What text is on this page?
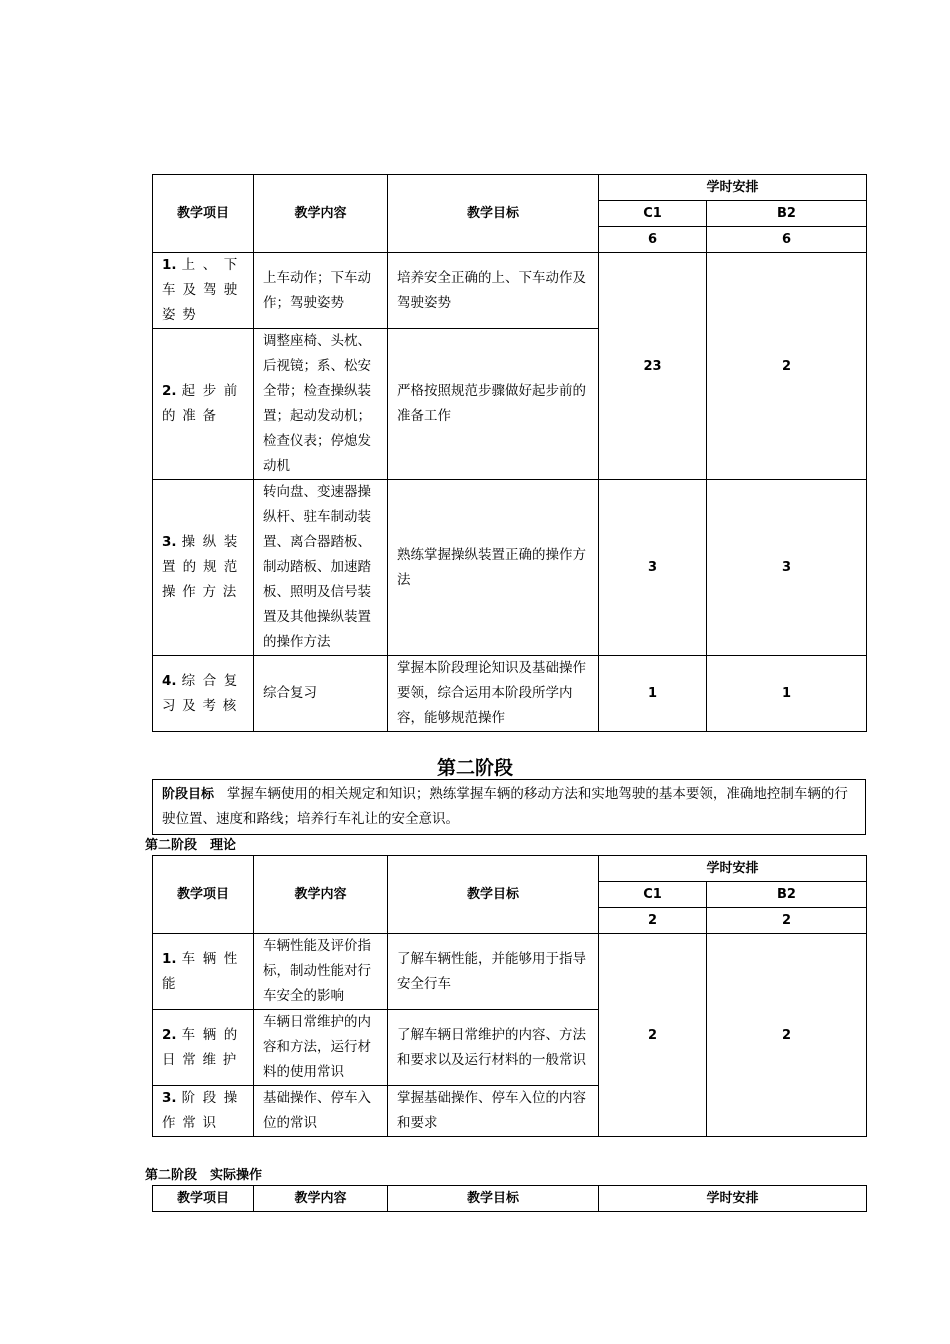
教学项目	教学内容	教学目标	学时安排	
			C1	B2
			6	6
1. 上、下车及驾驶姿势	上车动作；下车动作；驾驶姿势	培养安全正确的上、下车动作及驾驶姿势	23	2
2. 起步前的准备	调整座椅、头枕、后视镜；系、松安全带；检查操纵装置；起动发动机；检查仪表；停熄发动机	严格按照规范步骤做好起步前的准备工作		
3. 操纵装置的规范操作方法	转向盘、变速器操纵杆、驻车制动装置、离合器踏板、制动踏板、加速踏板、照明及信号装置及其他操纵装置的操作方法	熟练掌握操纵装置正确的操作方法	3	3
4. 综合复习及考核	综合复习	掌握本阶段理论知识及基础操作要领，综合运用本阶段所学内容，能够规范操作	1	1
第二阶段
阶段目标 掌握车辆使用的相关规定和知识；熟练掌握车辆的移动方法和实地驾驶的基本要领，准确地控制车辆的行驶位置、速度和路线；培养行车礼让的安全意识。
第二阶段　理论
教学项目	教学内容	教学目标	学时安排	
			C1	B2
			2	2
1. 车辆性能	车辆性能及评价指标，制动性能对行车安全的影响	了解车辆性能，并能够用于指导安全行车	2	2
2. 车辆的日常维护	车辆日常维护的内容和方法，运行材料的使用常识	了解车辆日常维护的内容、方法和要求以及运行材料的一般常识		
3. 阶段操作常识	基础操作、停车入位的常识	掌握基础操作、停车入位的内容和要求		
第二阶段　实际操作
教学项目	教学内容	教学目标	学时安排
